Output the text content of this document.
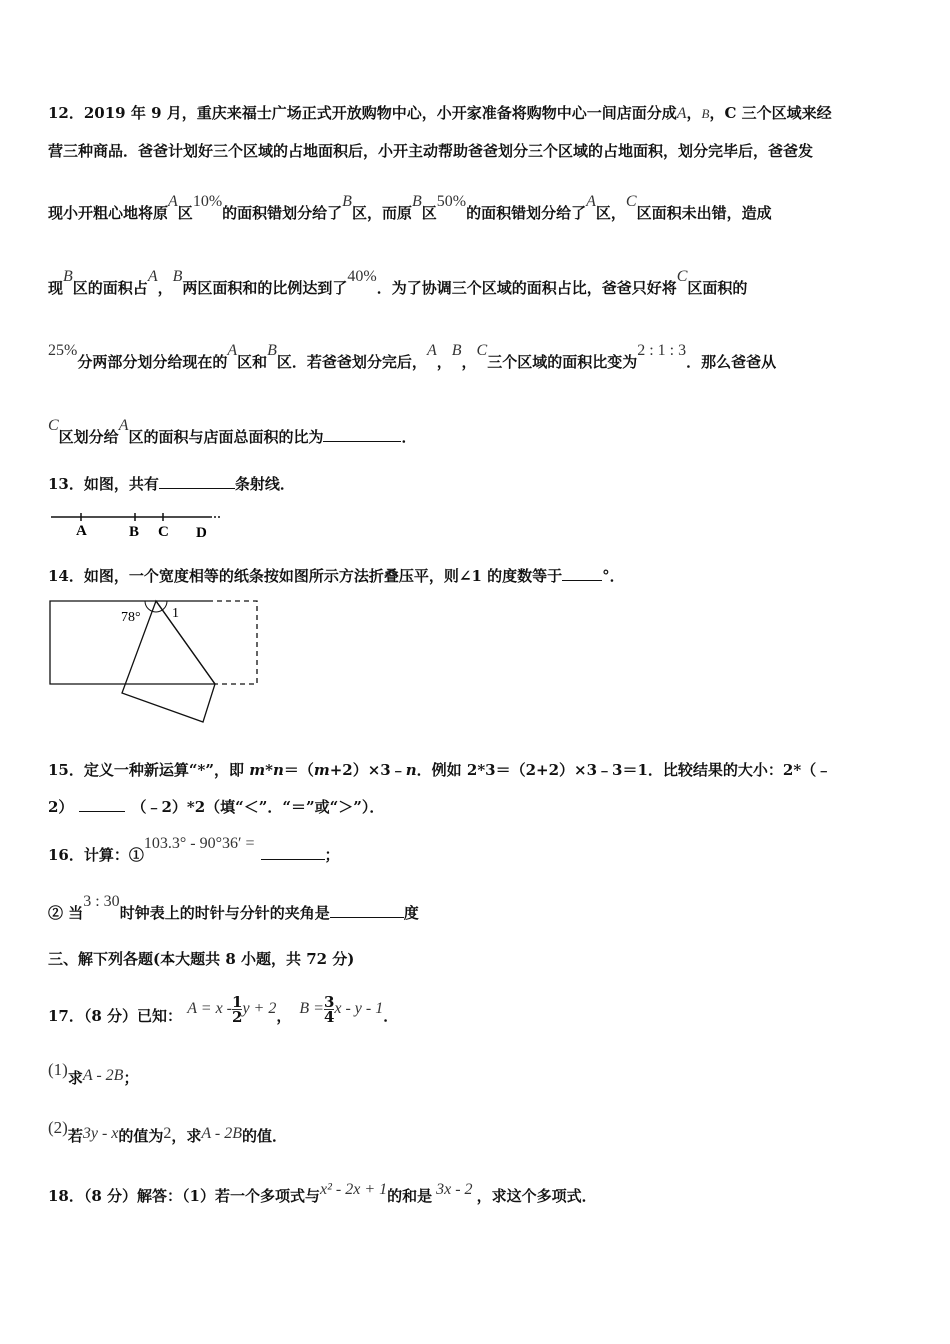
12．2019 年 9 月，重庆来福士广场正式开放购物中心，小开家准备将购物中心一间店面分成A，B，C 三个区域来经
营三种商品．爸爸计划好三个区域的占地面积后，小开主动帮助爸爸划分三个区域的占地面积，划分完毕后，爸爸发
现小开粗心地将原A区10%的面积错划分给了B区，而原B区50%的面积错划分给了A区，C区面积未出错，造成
现B区的面积占A，B两区面积和的比例达到了40%．为了协调三个区域的面积占比，爸爸只好将C区面积的
25%分两部分划分给现在的A区和B区．若爸爸划分完后，A，B，C三个区域的面积比变为2 : 1 : 3．那么爸爸从
C区划分给A区的面积与店面总面积的比为	．
13．如图，共有	条射线．
A	B C D
14．如图，一个宽度相等的纸条按如图所示方法折叠压平，则∠1 的度数等于	°．
78° 1
15．定义一种新运算“*”，即 m*n＝（m+2）×3﹣n．例如 2*3＝（2+2）×3﹣3＝1．比较结果的大小：2*（﹣
2）	（﹣2）*2（填“＜”．“＝”或“＞”）．
16．计算：①103.3° - 90°36′ =；
② 当3 : 30时钟表上的时针与分针的夹角是	度
三、解下列各题(本大题共 8 小题，共 72 分)
17．（8 分）已知： $A = x - \frac{1}{2}$ y + 2， $B = \frac{3}{4}$ x - y - 1．
(1)求A - 2B；
(2)若3y - x的值为2，求A - 2B的值．
18．（8 分）解答：（1）若一个多项式与x² - 2x + 1的和是 3x - 2 ，求这个多项式．
